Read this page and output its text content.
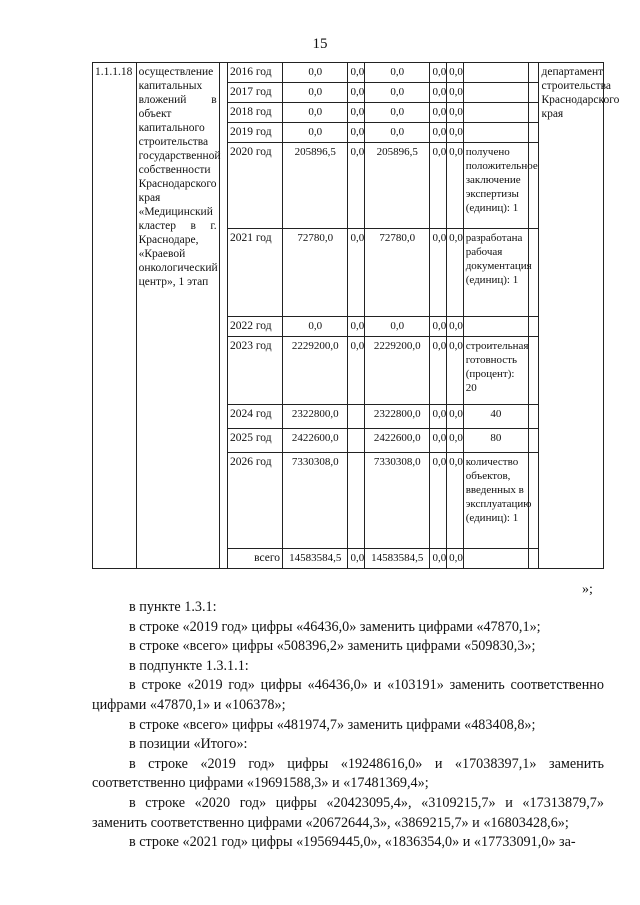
15
1.1.1.18	осуществление капитальных вложений в объект капитального строительства государственной собственности Краснодарского края «Медицинский кластер в г. Краснодаре, «Краевой онкологический центр», 1 этап		2016 год	0,0	0,0	0,0	0,0	0,0			департамент строительства Краснодарского края
			2017 год	0,0	0,0	0,0	0,0	0,0			
			2018 год	0,0	0,0	0,0	0,0	0,0			
			2019 год	0,0	0,0	0,0	0,0	0,0			
			2020 год	205896,5	0,0	205896,5	0,0	0,0	получено положительное заключение экспертизы (единиц): 1		
			2021 год	72780,0	0,0	72780,0	0,0	0,0	разработана рабочая документация (единиц): 1		
			2022 год	0,0	0,0	0,0	0,0	0,0			
			2023 год	2229200,0	0,0	2229200,0	0,0	0,0	строительная готовность (процент): 20		
			2024 год	2322800,0		2322800,0	0,0	0,0	40		
			2025 год	2422600,0		2422600,0	0,0	0,0	80		
			2026 год	7330308,0		7330308,0	0,0	0,0	количество объектов, введенных в эксплуатацию (единиц): 1		
			всего	14583584,5	0,0	14583584,5	0,0	0,0			
»;

в пункте 1.3.1:

в строке «2019 год» цифры «46436,0» заменить цифрами «47870,1»;

в строке «всего» цифры «508396,2» заменить цифрами «509830,3»;

в подпункте 1.3.1.1:

в строке «2019 год» цифры «46436,0» и «103191» заменить соответственно цифрами «47870,1» и «106378»;

в строке «всего» цифры «481974,7» заменить цифрами «483408,8»;

в позиции «Итого»:

в строке «2019 год» цифры «19248616,0» и «17038397,1» заменить соответственно цифрами «19691588,3» и «17481369,4»;

в строке «2020 год» цифры «20423095,4», «3109215,7» и «17313879,7» заменить соответственно цифрами «20672644,3», «3869215,7» и «16803428,6»;

в строке «2021 год» цифры «19569445,0», «1836354,0» и «17733091,0» за-
